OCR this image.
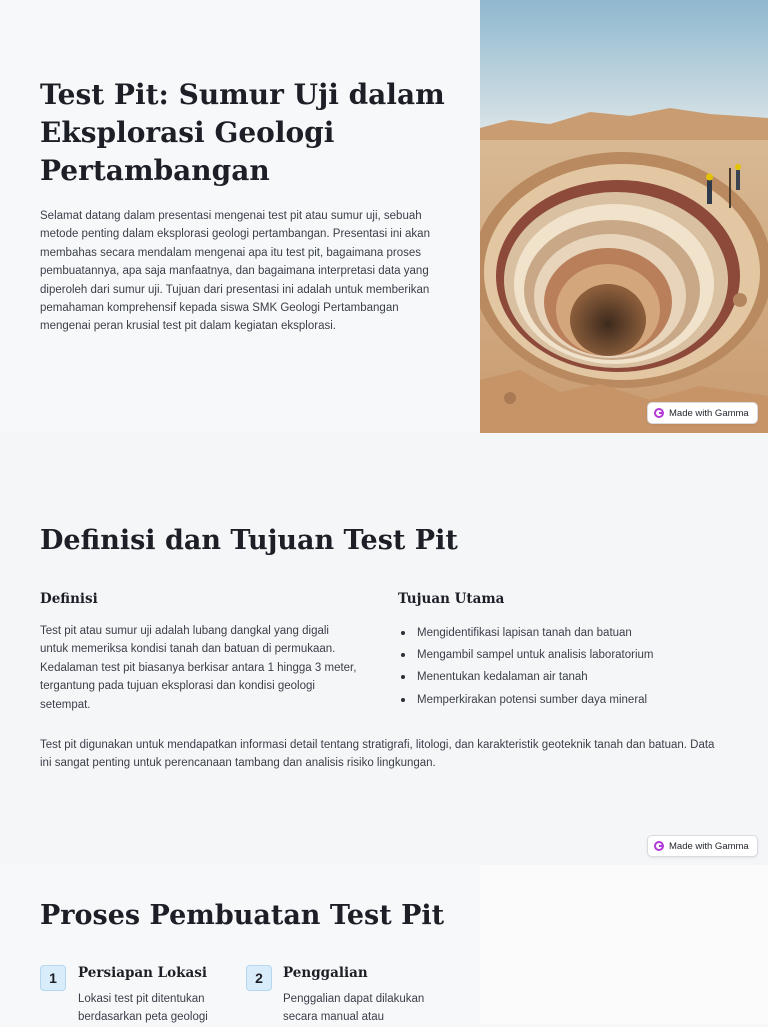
Test Pit: Sumur Uji dalam Eksplorasi Geologi Pertambangan

Selamat datang dalam presentasi mengenai test pit atau sumur uji, sebuah metode penting dalam eksplorasi geologi pertambangan. Presentasi ini akan membahas secara mendalam mengenai apa itu test pit, bagaimana proses pembuatannya, apa saja manfaatnya, dan bagaimana interpretasi data yang diperoleh dari sumur uji. Tujuan dari presentasi ini adalah untuk memberikan pemahaman komprehensif kepada siswa SMK Geologi Pertambangan mengenai peran krusial test pit dalam kegiatan eksplorasi.

Made with Gamma
Definisi dan Tujuan Test Pit
Definisi

Test pit atau sumur uji adalah lubang dangkal yang digali untuk memeriksa kondisi tanah dan batuan di permukaan. Kedalaman test pit biasanya berkisar antara 1 hingga 3 meter, tergantung pada tujuan eksplorasi dan kondisi geologi setempat.

Tujuan Utama
Mengidentifikasi lapisan tanah dan batuan
Mengambil sampel untuk analisis laboratorium
Menentukan kedalaman air tanah
Memperkirakan potensi sumber daya mineral

Test pit digunakan untuk mendapatkan informasi detail tentang stratigrafi, litologi, dan karakteristik geoteknik tanah dan batuan. Data ini sangat penting untuk perencanaan tambang dan analisis risiko lingkungan.

Made with Gamma
Proses Pembuatan Test Pit
1	Persiapan Lokasi

Lokasi test pit ditentukan berdasarkan peta geologi

2	Penggalian

Penggalian dapat dilakukan secara manual atau
